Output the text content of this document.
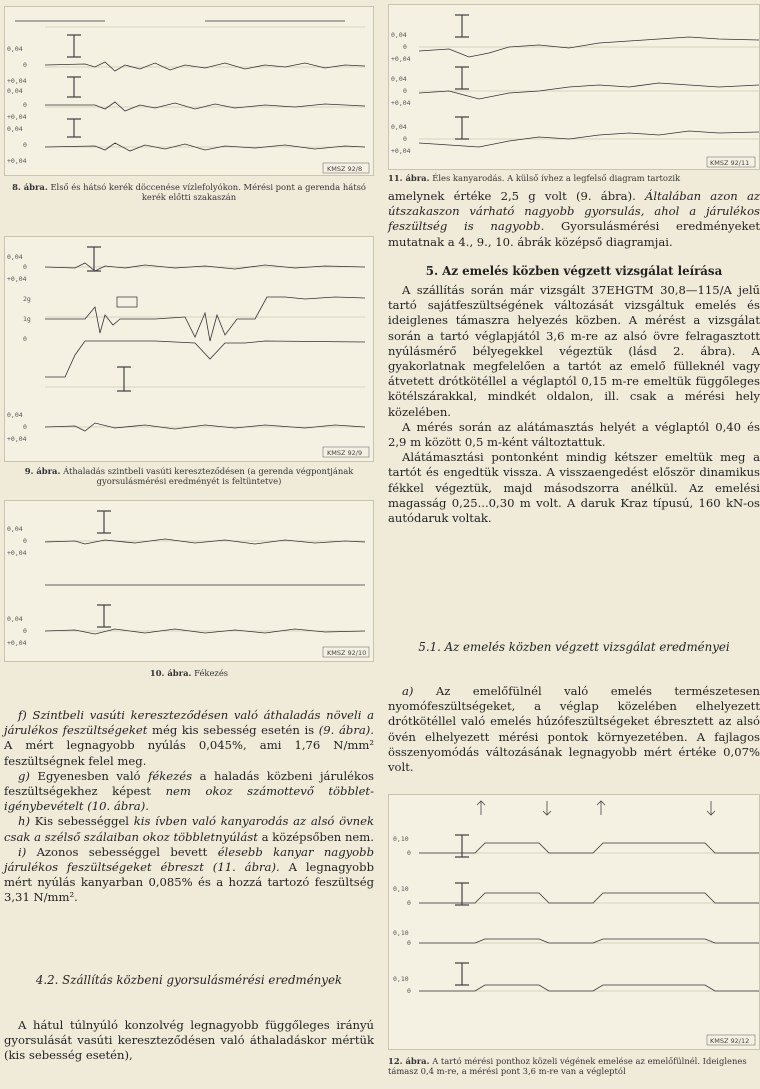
0,04
0
+0,04
0,04
0
+0,04
0,04
0
+0,04
KMSZ 92/8
8. ábra. Első és hátsó kerék döccenése vízlefolyókon. Mérési pont a gerenda hátsó kerék előtti szakaszán
0,04
0
+0,04
2g
1g
0
0,04
0
+0,04
KMSZ 92/9
9. ábra. Áthaladás szintbeli vasúti kereszteződésen (a gerenda végpontjának gyorsulásmérési eredményét is feltüntetve)
0,04
0
+0,04
0,04
0
+0,04
KMSZ 92/10
10. ábra. Fékezés

f) Szintbeli vasúti kereszteződésen való áthaladás növeli a járulékos feszültségeket még kis sebesség esetén is (9. ábra). A mért legnagyobb nyúlás 0,045%, ami 1,76 N/mm² feszültségnek felel meg.

g) Egyenesben való fékezés a haladás közbeni járulékos feszültségekhez képest nem okoz számottevő többlet-igénybevételt (10. ábra).

h) Kis sebességgel kis ívben való kanyarodás az alsó övnek csak a szélső szálaiban okoz többletnyúlást a középsőben nem.

i) Azonos sebességgel bevett élesebb kanyar nagyobb járulékos feszültségeket ébreszt (11. ábra). A legnagyobb mért nyúlás kanyarban 0,085% és a hozzá tartozó feszültség 3,31 N/mm².

4.2. Szállítás közbeni gyorsulásmérési eredmények

A hátul túlnyúló konzolvég legnagyobb függőleges irányú gyorsulását vasúti kereszteződésen való áthaladáskor mértük (kis sebesség esetén),

0,04
0
+0,04
0,04
0
+0,04
0,04
0
+0,04
KMSZ 92/11
11. ábra. Éles kanyarodás. A külső ívhez a legfelső diagram tartozik

amelynek értéke 2,5 g volt (9. ábra). Általában azon az útszakaszon várható nagyobb gyorsulás, ahol a járulékos feszültség is nagyobb. Gyorsulásmérési eredményeket mutatnak a 4., 9., 10. ábrák középső diagramjai.

5. Az emelés közben végzett vizsgálat leírása

A szállítás során már vizsgált 37EHGTM 30,8—115/A jelű tartó sajátfeszültségének változását vizsgáltuk emelés és ideiglenes támaszra helyezés közben. A mérést a vizsgálat során a tartó véglapjától 3,6 m-re az alsó övre felragasztott nyúlásmérő bélyegekkel végeztük (lásd 2. ábra). A gyakorlatnak megfelelően a tartót az emelő fülleknél vagy átvetett drótkötéllel a véglaptól 0,15 m-re emeltük függőleges kötélszárakkal, mindkét oldalon, ill. csak a mérési hely közelében.

A mérés során az alátámasztás helyét a véglaptól 0,40 és 2,9 m között 0,5 m-ként változtattuk.

Alátámasztási pontonként mindig kétszer emeltük meg a tartót és engedtük vissza. A visszaengedést először dinamikus fékkel végeztük, majd másodszorra anélkül. Az emelési magasság 0,25...0,30 m volt. A daruk Kraz típusú, 160 kN-os autódaruk voltak.

5.1. Az emelés közben végzett vizsgálat eredményei

a) Az emelőfülnél való emelés természetesen nyomófeszültségeket, a véglap közelében elhelyezett drótkötéllel való emelés húzófeszültségeket ébresztett az alsó övén elhelyezett mérési pontok környezetében. A fajlagos összenyomódás változásának legnagyobb mért értéke 0,07% volt.

0,10
0
0,10
0
0,10
0
0,10
0
KMSZ 92/12
12. ábra. A tartó mérési ponthoz közeli végének emelése az emelőfülnél. Ideiglenes támasz 0,4 m-re, a mérési pont 3,6 m-re van a végleptól
